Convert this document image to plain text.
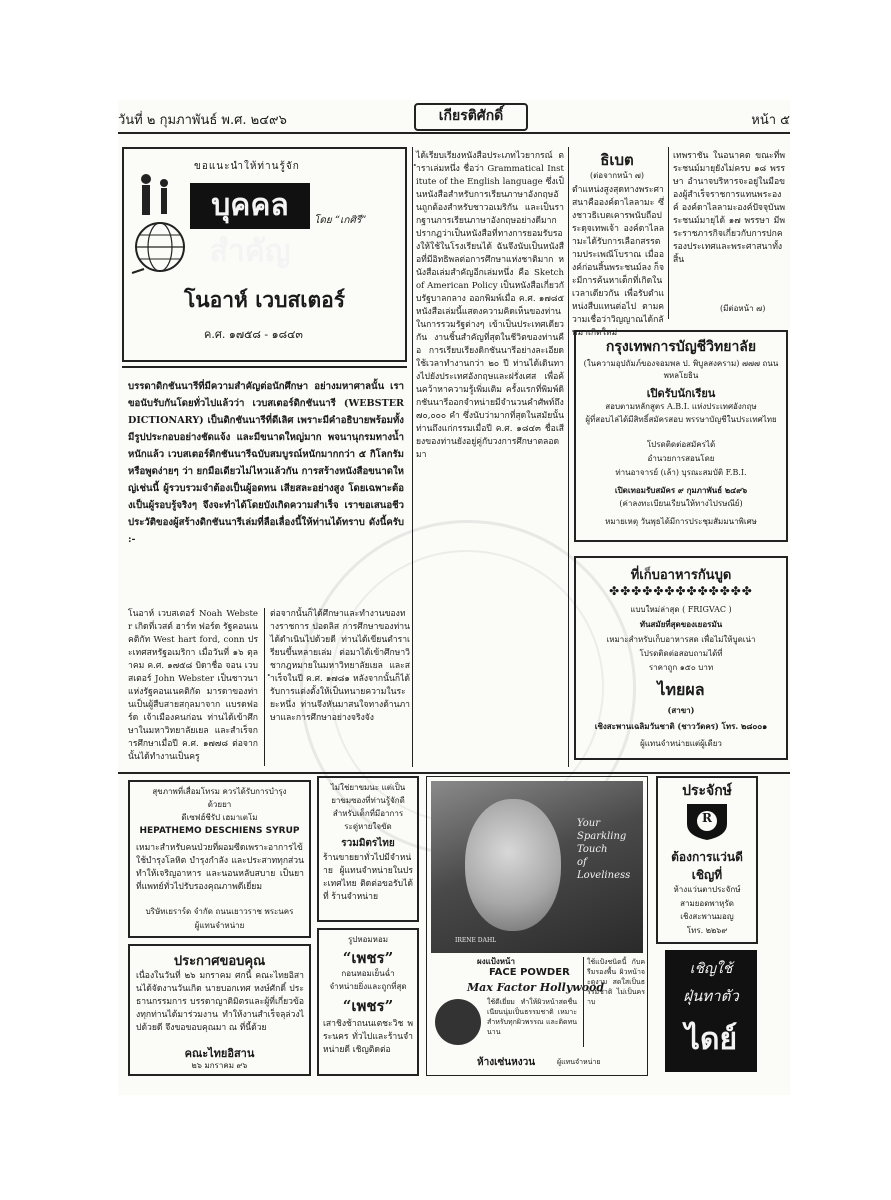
วันที่ ๒ กุมภาพันธ์ พ.ศ. ๒๔๙๖	เกียรติศักดิ์	หน้า ๕
ขอแนะนำให้ท่านรู้จัก
บุคคลสำคัญ
โดย “เกศิรี”
โนอาห์ เวบสเตอร์
ค.ศ. ๑๗๕๘ - ๑๘๔๓
บรรดาดิกชันนารีที่มีความสำคัญต่อนักศึกษา อย่างมหาศาลนั้น เราขอนับรับกันโดยทั่วไปแล้วว่า เวบสเตอร์ดิกชันนารี (WEBSTER DICTIONARY) เป็นดิกชันนารีที่ดีเลิศ เพราะมีคำอธิบายพร้อมทั้งมีรูปประกอบอย่างชัดแจ้ง และมีขนาดใหญ่มาก พจนานุกรมทางน้ำหนักแล้ว เวบสเตอร์ดิกชันนารีฉบับสมบูรณ์หนักมากกว่า ๕ กิโลกรัม หรือพูดง่ายๆ ว่า ยกมือเดียวไม่ไหวแล้วกัน การสร้างหนังสือขนาดใหญ่เช่นนี้ ผู้รวบรวมจำต้องเป็นผู้อดทน เสียสละอย่างสูง โดยเฉพาะต้องเป็นผู้รอบรู้จริงๆ จึงจะทำได้โดยบังเกิดความสำเร็จ เราขอเสนอชีวประวัติของผู้สร้างดิกชันนารีเล่มที่ลือเลื่องนี้ให้ท่านได้ทราบ ดังนี้ครับ :-
โนอาห์ เวบสเตอร์ Noah Webster เกิดที่เวสต์ ฮาร์ท ฟอร์ด รัฐคอนเนคติกัท West hart ford, conn ประเทศสหรัฐอเมริกา เมื่อวันที่ ๑๖ ตุลาคม ค.ศ. ๑๗๕๘ บิดาชื่อ จอน เวบสเตอร์ John Webster เป็นชาวนาแห่งรัฐคอนเนคติกัต มารดาของท่านเป็นผู้สืบสายสกุลมาจาก แบรดฟอร์ด เจ้าเมืองคนก่อน ท่านได้เข้าศึกษาในมหาวิทยาลัยเยล และสำเร็จการศึกษาเมื่อปี ค.ศ. ๑๗๗๘ ต่อจากนั้นได้ทำงานเป็นครู
ต่อจากนั้นก็ได้ศึกษาและทำงานของทางราชการ ปอดลิส การศึกษาของท่านได้ดำเนินไปด้วยดี ท่านได้เขียนตำราเรียนขึ้นหลายเล่ม ต่อมาได้เข้าศึกษาวิชากฎหมายในมหาวิทยาลัยเยล และสำเร็จในปี ค.ศ. ๑๗๘๑ หลังจากนั้นก็ได้รับการแต่งตั้งให้เป็นทนายความในระยะหนึ่ง ท่านจึงหันมาสนใจทางด้านภาษาและการศึกษาอย่างจริงจัง
ได้เรียบเรียงหนังสือประเภทไวยากรณ์ ตำราเล่มหนึ่ง ชื่อว่า Grammatical Institute of the English language ซึ่งเป็นหนังสือสำหรับการเรียนภาษาอังกฤษอันถูกต้องสำหรับชาวอเมริกัน และเป็นรากฐานการเรียนภาษาอังกฤษอย่างดีมาก ปรากฏว่าเป็นหนังสือที่ทางการยอมรับรองให้ใช้ในโรงเรียนได้ ฉันจึงนับเป็นหนังสือที่มีอิทธิพลต่อการศึกษาแห่งชาติมาก หนังสือเล่มสำคัญอีกเล่มหนึ่ง คือ Sketch of American Policy เป็นหนังสือเกี่ยวกับรัฐบาลกลาง ออกพิมพ์เมื่อ ค.ศ. ๑๗๘๕ หนังสือเล่มนี้แสดงความคิดเห็นของท่านในการรวมรัฐต่างๆ เข้าเป็นประเทศเดียวกัน งานชิ้นสำคัญที่สุดในชีวิตของท่านคือ การเรียบเรียงดิกชันนารีอย่างละเอียด ใช้เวลาทำงานกว่า ๒๐ ปี ท่านได้เดินทางไปยังประเทศอังกฤษและฝรั่งเศส เพื่อค้นคว้าหาความรู้เพิ่มเติม ครั้งแรกที่พิมพ์ดิกชันนารีออกจำหน่ายมีจำนวนคำศัพท์ถึง ๗๐,๐๐๐ คำ ซึ่งนับว่ามากที่สุดในสมัยนั้น ท่านถึงแก่กรรมเมื่อปี ค.ศ. ๑๘๔๓ ชื่อเสียงของท่านยังอยู่คู่กับวงการศึกษาตลอดมา
ธิเบต
(ต่อจากหน้า ๗)
ตำแหน่งสูงสุดทางพระศาสนาคือองค์ดาไลลามะ ซึ่งชาวธิเบตเคารพนับถือประดุจเทพเจ้า องค์ดาไลลามะได้รับการเลือกสรรตามประเพณีโบราณ เมื่อองค์ก่อนสิ้นพระชนม์ลง ก็จะมีการค้นหาเด็กที่เกิดในเวลาเดียวกัน เพื่อรับตำแหน่งสืบแทนต่อไป ตามความเชื่อว่าวิญญาณได้กลับมาเกิดใหม่
เทพราชัน ในอนาคต ขณะที่พระชนม์มายุยังไม่ครบ ๑๘ พรรษา อำนาจบริหารจะอยู่ในมือของผู้สำเร็จราชการแทนพระองค์ องค์ดาไลลามะองค์ปัจจุบันพระชนม์มายุได้ ๑๗ พรรษา มีพระราชภารกิจเกี่ยวกับการปกครองประเทศและพระศาสนาทั้งสิ้น
(มีต่อหน้า ๗)
กรุงเทพการบัญชีวิทยาลัย
(ในความอุปถัมภ์ของจอมพล ป. พิบูลสงคราม) ๗๗๗ ถนนพหลโยธิน
เปิดรับนักเรียน
สอบตามหลักสูตร A.B.I. แห่งประเทศอังกฤษ
ผู้ที่สอบไล่ได้มีสิทธิ์สมัครสอบ พรรษาบัญชีในประเทศไทย
โปรดติดต่อสมัครได้
อำนวยการสอนโดย
ท่านอาจารย์ (เล้า) บุรณะสมบัติ F.B.I.
เปิดเทอมรับสมัคร ๙ กุมภาพันธ์ ๒๔๙๖
(ค่าลงทะเบียนเรียนให้ทางไปรษณีย์)
หมายเหตุ วันพุธได้มีการประชุมสัมมนาพิเศษ
ที่เก็บอาหารกันบูด
✤✤✤✤✤✤✤✤✤✤✤✤✤
แบบใหม่ล่าสุด ( FRIGVAC )
ทันสมัยที่สุดของเยอรมัน
เหมาะสำหรับเก็บอาหารสด เพื่อไม่ให้บูดเน่า
โปรดติดต่อสอบถามได้ที่
ราคาถูก ๑๕๐ บาท
ไทยผล
(สาขา)
เชิงสะพานเฉลิมวันชาติ (ชาววัดคร) โทร. ๒๘๐๐๑
ผู้แทนจำหน่ายแต่ผู้เดียว
สุขภาพที่เสื่อมโทรม ควรได้รับการบำรุง
ด้วยยา
ดีเซฟฮ์ชีรัป เฮมาเตโม
HEPATHEMO DESCHIENS SYRUP
เหมาะสำหรับคนป่วยที่ผอมซีดเพราะอาการไข้ ใช้บำรุงโลหิต บำรุงกำลัง และประสาททุกส่วน ทำให้เจริญอาหาร และนอนหลับสบาย เป็นยาที่แพทย์ทั่วไปรับรองคุณภาพดีเยี่ยม
บริษัทเยราร์ด จำกัด ถนนเยาวราช พระนคร
ผู้แทนจำหน่าย
ประกาศขอบคุณ
เนื่องในวันที่ ๒๖ มกราคม ศกนี้ คณะไทยอิสานได้จัดงานวันเกิด นายบอกเทศ หงษ์ศักดิ์ ประธานกรรมการ บรรดาญาติมิตรและผู้ที่เกี่ยวข้องทุกท่านได้มาร่วมงาน ทำให้งานสำเร็จลุล่วงไปด้วยดี จึงขอขอบคุณมา ณ ที่นี้ด้วย
คณะไทยอิสาน
๒๖ มกราคม ๙๖
ไม่ใช่ยาขมนะ แต่เป็น
ยาขมซองที่ท่านรู้จักดี
สำหรับเด็กที่มีอาการ
ระดู่หายใจขัด
รวมมิตรไทย
ร้านขายยาทั่วไปมีจำหน่าย ผู้แทนจำหน่ายในประเทศไทย ติดต่อขอรับได้ที่ ร้านจำหน่าย
รูปหอมหอม
“เพชร”
กอนหอมเย็นฉ่ำ
จำหน่ายยิ่งและถูกที่สุด
“เพชร”
เสาชิงช้าถนนเตชะวิช พระนคร ทั่วไปและร้านจำหน่ายดี เชิญติดต่อ
Your
Sparkling
Touch
of
Loveliness
IRENE DAHL
ผงแป้งหน้า
FACE POWDER
Max Factor Hollywood
ใช้ดีเยี่ยม ทำให้ผิวหน้าสดชื่น เนียนนุ่มเป็นธรรมชาติ เหมาะสำหรับทุกผิวพรรณ และติดทนนาน
ใช้แป้งชนิดนี้ กับครีมรองพื้น ผิวหน้าจะดูงาม สดใสเป็นธรรมชาติ ไม่เป็นคราบ
ห้างเซ่นหงวน	ผู้แทนจำหน่าย
ประจักษ์
R
ต้องการแว่นดี
เชิญที่
ห้างแว่นตาประจักษ์
สามยอดพาหุรัด
เชิงสะพานมอญ
โทร. ๒๒๖๙
เชิญใช้
ฝุ่นทาตัว
ไดย์
